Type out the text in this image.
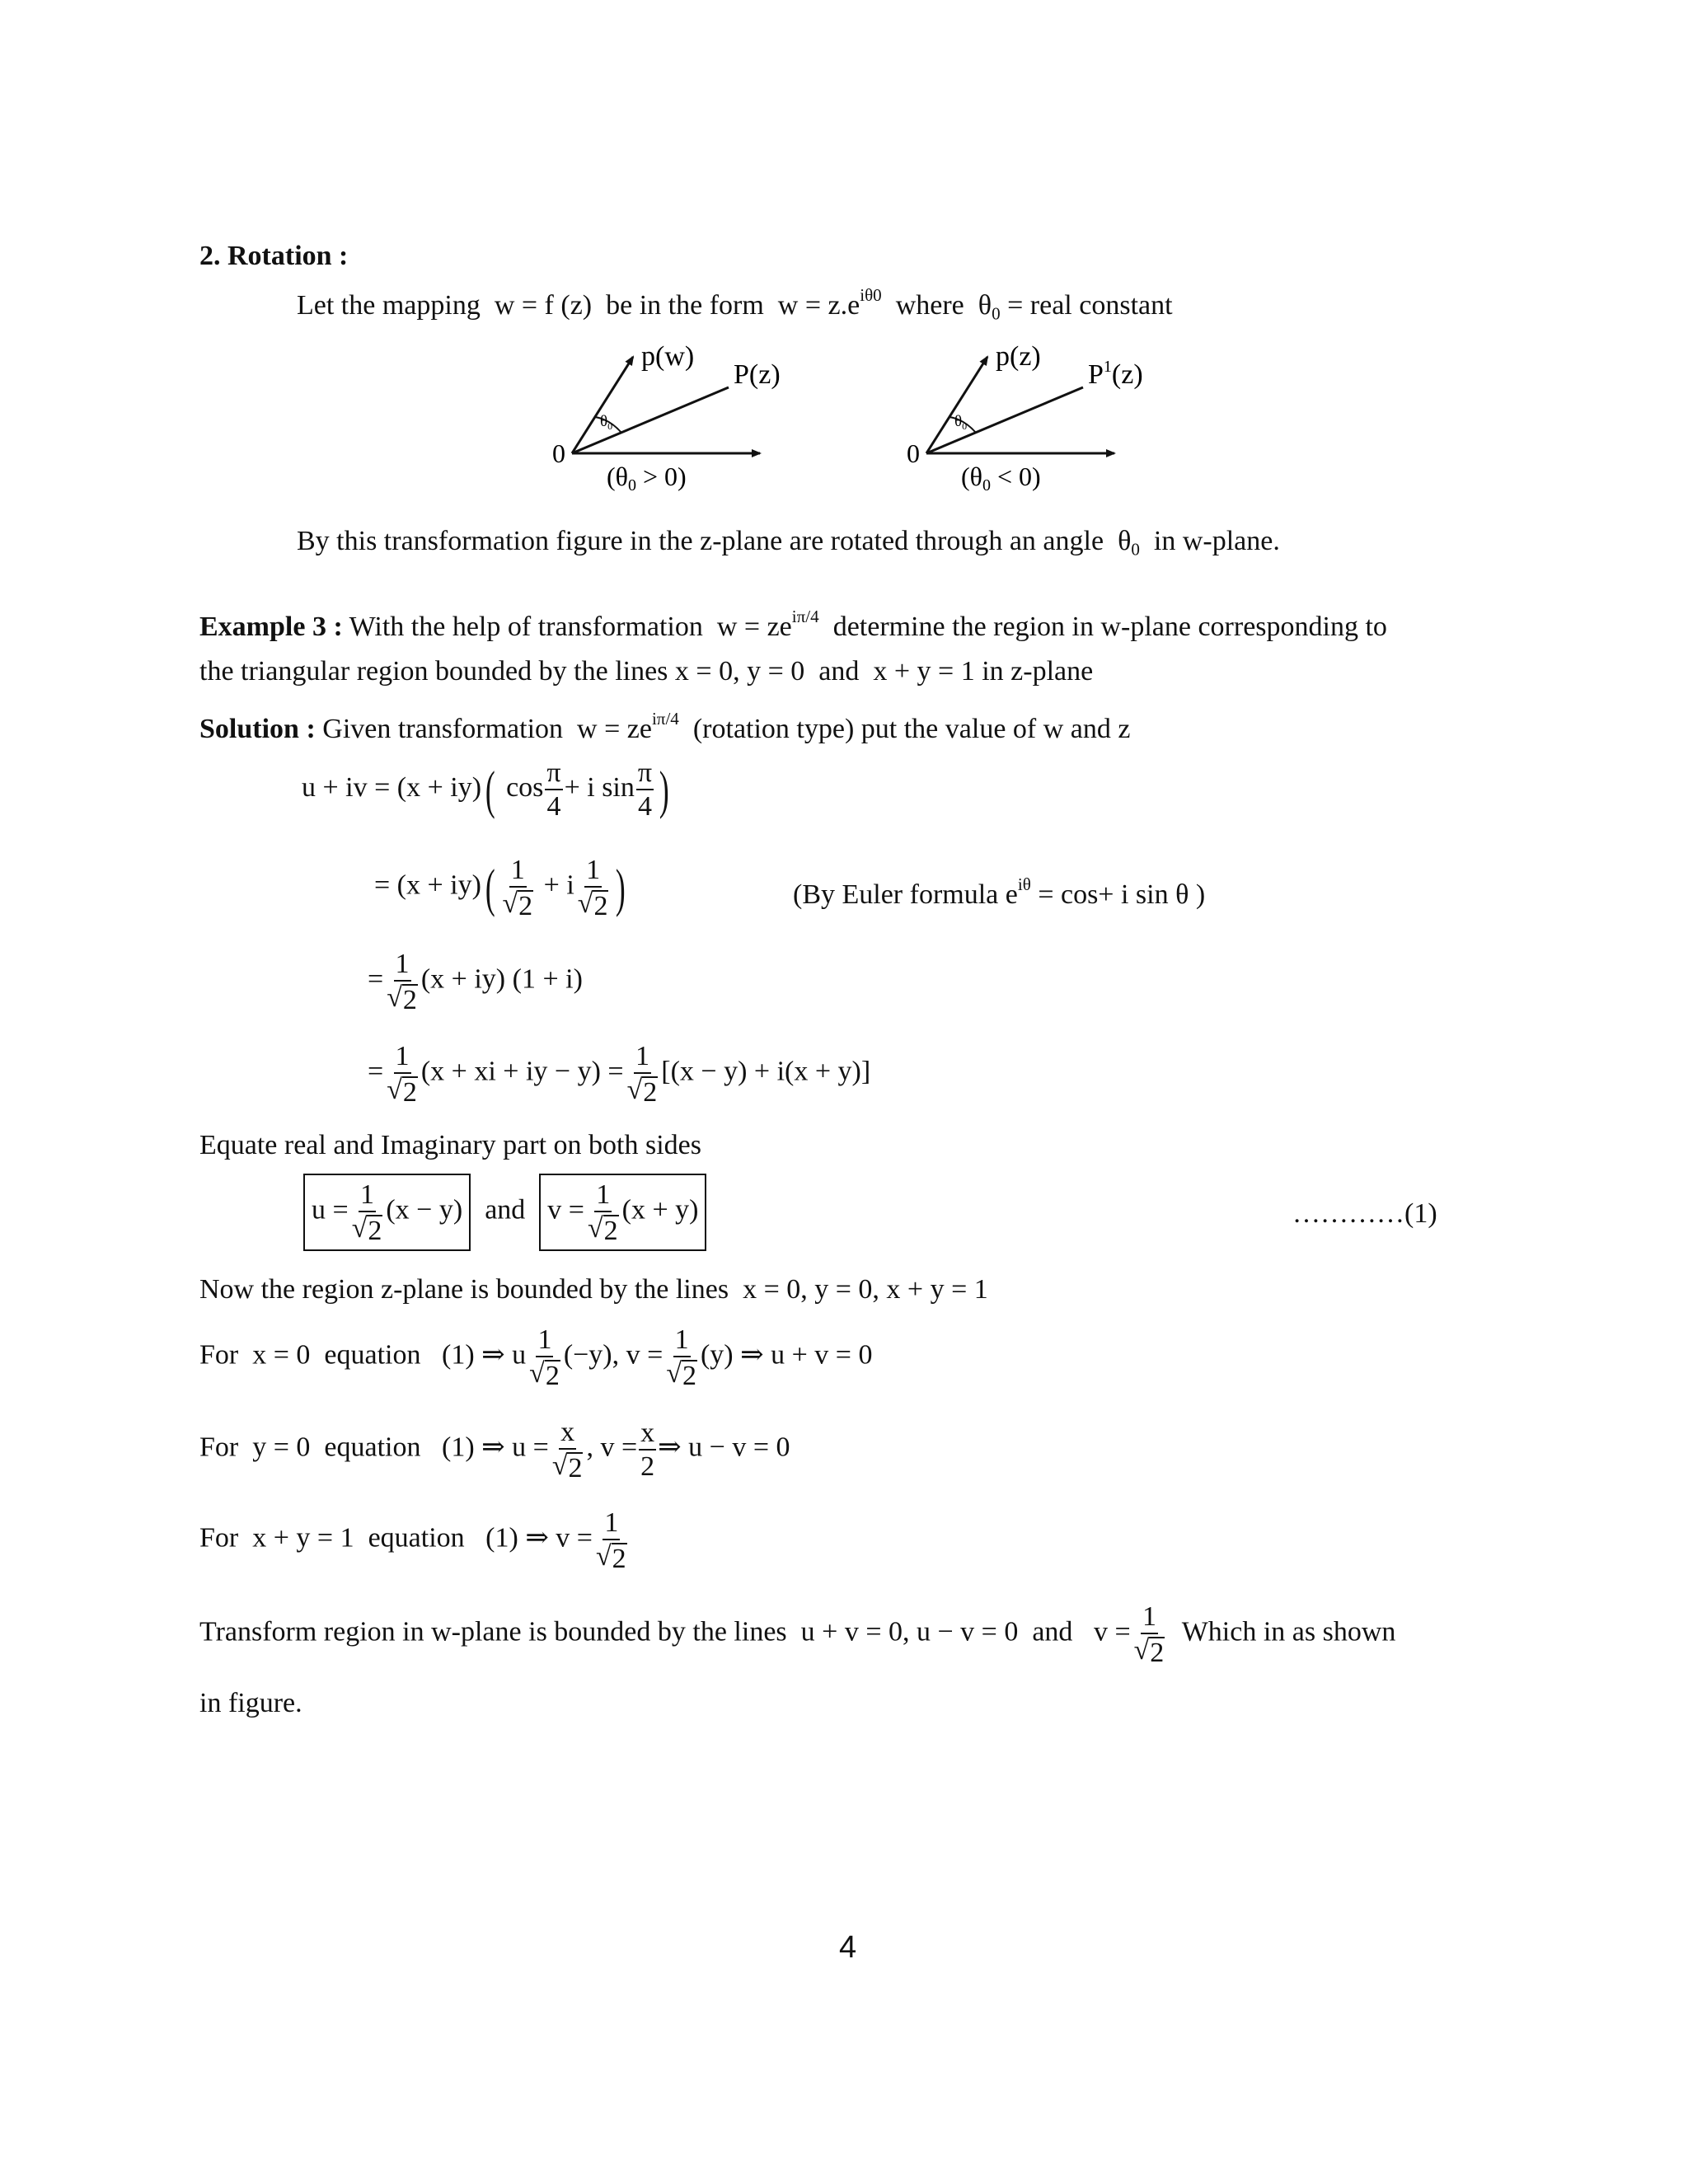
2. Rotation :
Let the mapping w = f (z) be in the form $w = z.e^{i\theta 0}$ where $\theta_0$ = real constant
$\theta_0$
p(w)
P(z)
0
(θ0 > 0)
$\theta_0$
p(z)
$P^1(z)$
0
(θ0 < 0)
By this transformation figure in the z-plane are rotated through an angle $\theta_0$ in w-plane.
Example 3 : With the help of transformation $w = ze^{i\pi/4}$ determine the region in w-plane corresponding to
the triangular region bounded by the lines x = 0, y = 0 and x + y = 1 in z-plane
Solution : Given transformation $w = ze^{i\pi/4}$ (rotation type) put the value of w and z
u + iv = (x + iy)( $\cos \frac{\pi}{4} + i$ $\sin \frac{\pi}{4}$ )
= $(x + iy)( \frac{1}{√ 2} + i \frac{1}{√ 2}$ )	(By Euler formula $e^{i\theta} = \cos+ i$ sin θ )
= $\frac{1}{√ 2} (x + iy) (1 + i)$
= $\frac{1}{√ 2} (x$ + xi + iy − $y) = \frac{1}{√ 2} [(x - y) + i(x + y)]$
Equate real and Imaginary part on both sides
$u = \frac{1}{√ 2} (x - y)$ and $v = \frac{1}{√ 2} (x + y)$	…………(1)
Now the region z-plane is bounded by the lines x = 0, y = 0, x + y = 1
For x = 0 equation (1) ⇒ u $\frac{1}{√ 2} (-y)$, $v = \frac{1}{√ 2} (y)$ ⇒ u + v = 0
For y = 0 equation (1) ⇒ $u = \frac{x}{√ 2}$ , $v = \frac{x}{2}$ ⇒ u − v = 0
For x + y = 1 equation (1) ⇒ $v = \frac{1}{√ 2}$
Transform region in w-plane is bounded by the lines u + v = 0, u − v = 0 and $v = \frac{1}{√ 2}$ Which in as shown
in figure.
4
